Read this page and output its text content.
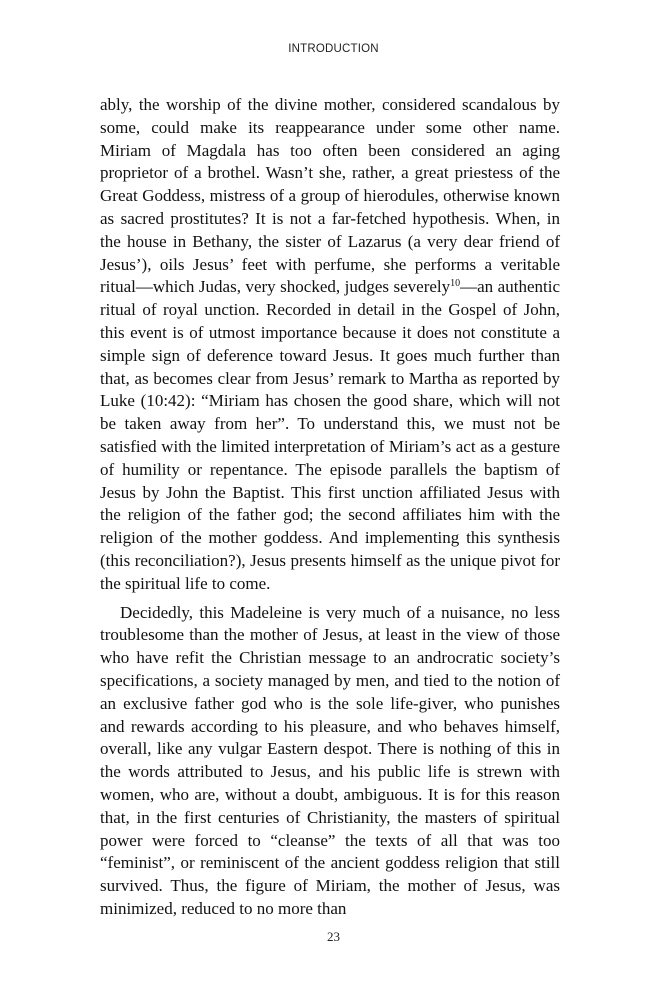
INTRODUCTION

ably, the worship of the divine mother, considered scandalous by some, could make its reappearance under some other name. Miriam of Magdala has too often been considered an aging proprietor of a brothel. Wasn’t she, rather, a great priestess of the Great Goddess, mistress of a group of hierodules, otherwise known as sacred prostitutes? It is not a far-fetched hypothesis. When, in the house in Bethany, the sister of Lazarus (a very dear friend of Jesus’), oils Jesus’ feet with perfume, she performs a veritable ritual—which Judas, very shocked, judges severely$^{10}$—an authentic ritual of royal unction. Recorded in detail in the Gospel of John, this event is of utmost importance because it does not constitute a simple sign of deference toward Jesus. It goes much further than that, as becomes clear from Jesus’ remark to Martha as reported by Luke (10:42): “Miriam has chosen the good share, which will not be taken away from her”. To understand this, we must not be satisfied with the limited interpretation of Miriam’s act as a gesture of humility or repentance. The episode parallels the baptism of Jesus by John the Baptist. This first unction affiliated Jesus with the religion of the father god; the second affiliates him with the religion of the mother goddess. And implementing this synthesis (this reconciliation?), Jesus presents himself as the unique pivot for the spiritual life to come.

Decidedly, this Madeleine is very much of a nuisance, no less troublesome than the mother of Jesus, at least in the view of those who have refit the Christian message to an androcratic society’s specifications, a society managed by men, and tied to the notion of an exclusive father god who is the sole life-giver, who punishes and rewards according to his pleasure, and who behaves himself, overall, like any vulgar Eastern despot. There is nothing of this in the words attributed to Jesus, and his public life is strewn with women, who are, without a doubt, ambiguous. It is for this reason that, in the first centuries of Christianity, the masters of spiritual power were forced to “cleanse” the texts of all that was too “feminist”, or reminiscent of the ancient goddess religion that still survived. Thus, the figure of Miriam, the mother of Jesus, was minimized, reduced to no more than

23
